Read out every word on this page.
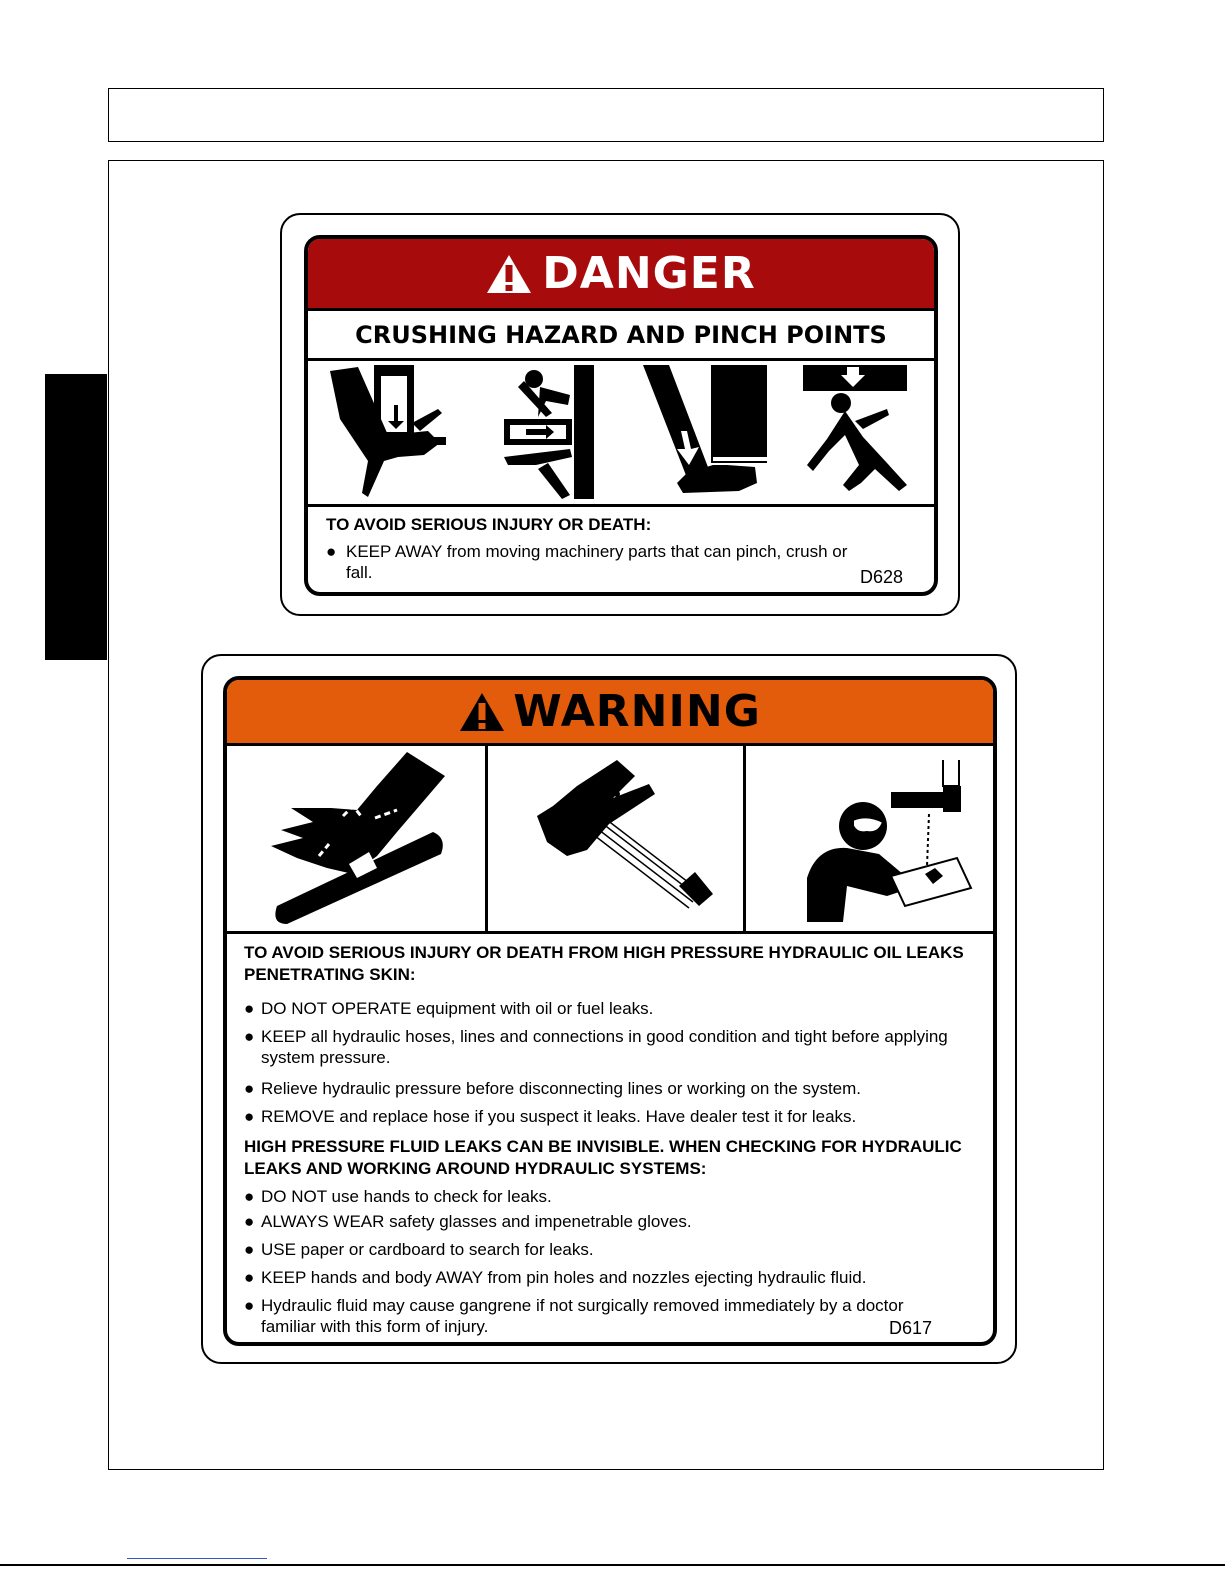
DANGER
CRUSHING HAZARD AND PINCH POINTS
TO AVOID SERIOUS INJURY OR DEATH:
● KEEP AWAY from moving machinery parts that can pinch, crush or fall.	D628
WARNING
TO AVOID SERIOUS INJURY OR DEATH FROM HIGH PRESSURE HYDRAULIC OIL LEAKS PENETRATING SKIN:
● DO NOT OPERATE equipment with oil or fuel leaks.
● KEEP all hydraulic hoses, lines and connections in good condition and tight before applying system pressure.
● Relieve hydraulic pressure before disconnecting lines or working on the system.
● REMOVE and replace hose if you suspect it leaks. Have dealer test it for leaks.
HIGH PRESSURE FLUID LEAKS CAN BE INVISIBLE. WHEN CHECKING FOR HYDRAULIC LEAKS AND WORKING AROUND HYDRAULIC SYSTEMS:
● DO NOT use hands to check for leaks.
● ALWAYS WEAR safety glasses and impenetrable gloves.
● USE paper or cardboard to search for leaks.
● KEEP hands and body AWAY from pin holes and nozzles ejecting hydraulic fluid.
● Hydraulic fluid may cause gangrene if not surgically removed immediately by a doctor familiar with this form of injury.	D617
